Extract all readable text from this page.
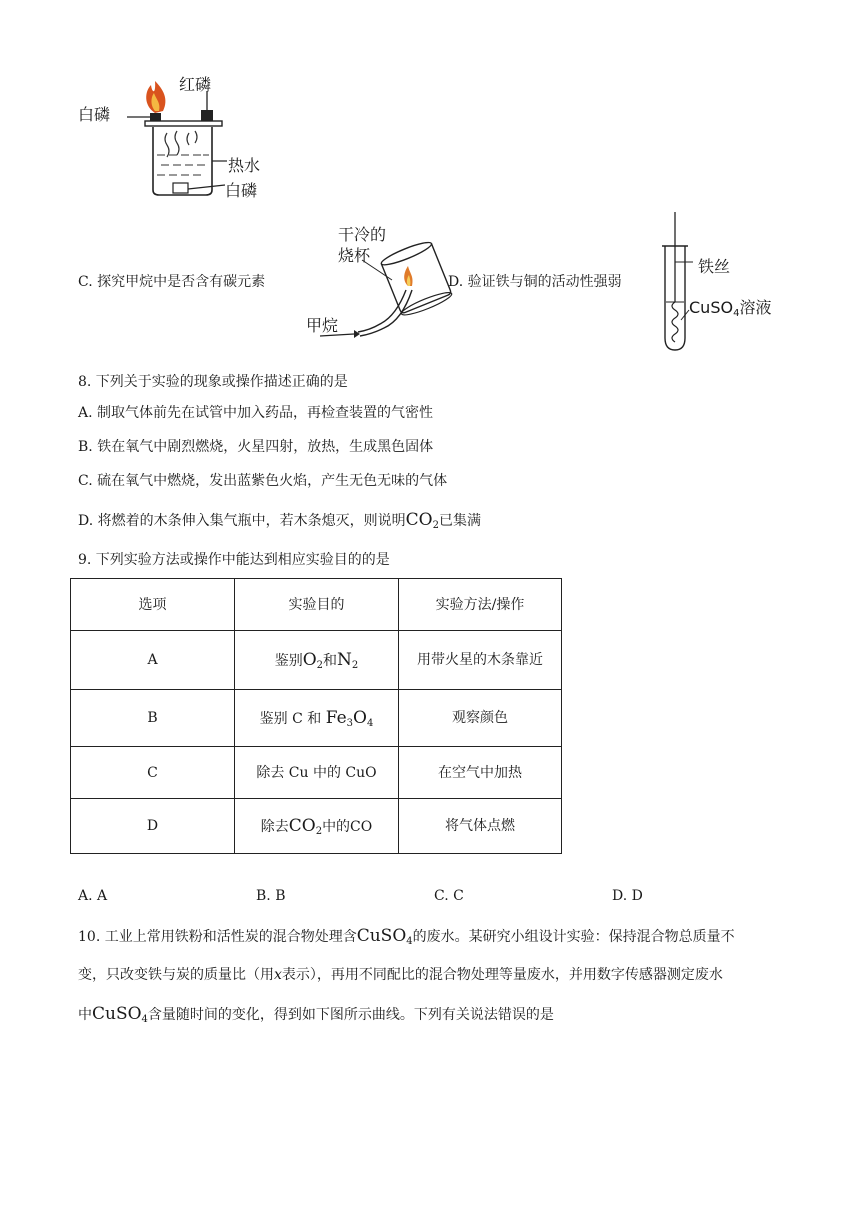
白磷
红磷
热水
白磷
C. 探究甲烷中是否含有碳元素
干冷的
烧杯
甲烷
D. 验证铁与铜的活动性强弱
铁丝
CuSO$_4$溶液
8. 下列关于实验的现象或操作描述正确的是
A. 制取气体前先在试管中加入药品，再检查装置的气密性
B. 铁在氧气中剧烈燃烧，火星四射，放热，生成黑色固体
C. 硫在氧气中燃烧，发出蓝紫色火焰，产生无色无味的气体
D. 将燃着的木条伸入集气瓶中，若木条熄灭，则说明$CO_2$已集满
9. 下列实验方法或操作中能达到相应实验目的的是
选项	实验目的	实验方法/操作
A	鉴别$O_2$和$N_2$	用带火星的木条靠近
B	鉴别 C 和 $Fe_3O_4$	观察颜色
C	除去 Cu 中的 CuO	在空气中加热
D	除去$CO_2$中的CO	将气体点燃
A. A	B. B	C. C	D. D
10. 工业上常用铁粉和活性炭的混合物处理含CuSO$_4$的废水。某研究小组设计实验：保持混合物总质量不
变，只改变铁与炭的质量比（用x表示），再用不同配比的混合物处理等量废水，并用数字传感器测定废水
中CuSO$_4$含量随时间的变化，得到如下图所示曲线。下列有关说法错误的是
